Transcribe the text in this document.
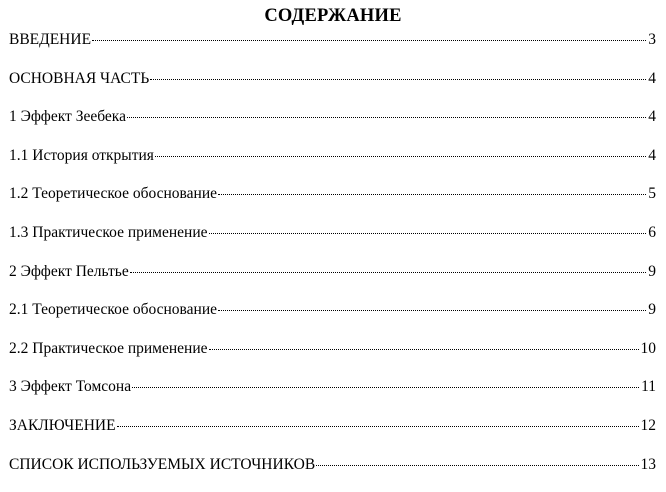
СОДЕРЖАНИЕ
ВВЕДЕНИЕ	3
ОСНОВНАЯ ЧАСТЬ	4
1 Эффект Зеебека	4
1.1 История открытия	4
1.2 Теоретическое обоснование	5
1.3 Практическое применение	6
2 Эффект Пельтье	9
2.1 Теоретическое обоснование	9
2.2 Практическое применение	10
3 Эффект Томсона	11
ЗАКЛЮЧЕНИЕ	12
СПИСОК ИСПОЛЬЗУЕМЫХ ИСТОЧНИКОВ	13
